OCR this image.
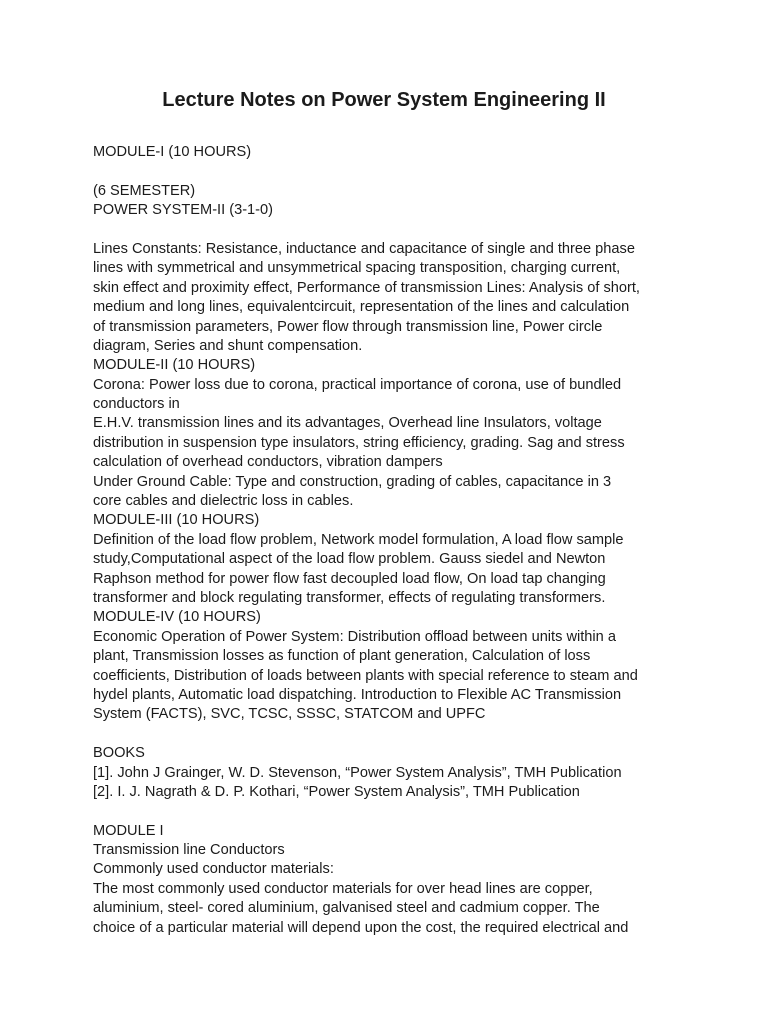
Lecture Notes on Power System Engineering II
MODULE-I (10 HOURS)
(6 SEMESTER)
POWER SYSTEM-II (3-1-0)
Lines Constants: Resistance, inductance and capacitance of single and three phase
lines with symmetrical and unsymmetrical spacing transposition, charging current,
skin effect and proximity effect, Performance of transmission Lines: Analysis of short,
medium and long lines, equivalentcircuit, representation of the lines and calculation
of transmission parameters, Power flow through transmission line, Power circle
diagram, Series and shunt compensation.
MODULE-II (10 HOURS)
Corona: Power loss due to corona, practical importance of corona, use of bundled
conductors in
E.H.V. transmission lines and its advantages, Overhead line Insulators, voltage
distribution in suspension type insulators, string efficiency, grading. Sag and stress
calculation of overhead conductors, vibration dampers
Under Ground Cable: Type and construction, grading of cables, capacitance in 3
core cables and dielectric loss in cables.
MODULE-III (10 HOURS)
Definition of the load flow problem, Network model formulation, A load flow sample
study,Computational aspect of the load flow problem. Gauss siedel and Newton
Raphson method for power flow fast decoupled load flow, On load tap changing
transformer and block regulating transformer, effects of regulating transformers.
MODULE-IV (10 HOURS)
Economic Operation of Power System: Distribution offload between units within a
plant, Transmission losses as function of plant generation, Calculation of loss
coefficients, Distribution of loads between plants with special reference to steam and
hydel plants, Automatic load dispatching. Introduction to Flexible AC Transmission
System (FACTS), SVC, TCSC, SSSC, STATCOM and UPFC
BOOKS
[1]. John J Grainger, W. D. Stevenson, “Power System Analysis”, TMH Publication
[2]. I. J. Nagrath & D. P. Kothari, “Power System Analysis”, TMH Publication
MODULE I
Transmission line Conductors
Commonly used conductor materials:
The most commonly used conductor materials for over head lines are copper,
aluminium, steel- cored aluminium, galvanised steel and cadmium copper. The
choice of a particular material will depend upon the cost, the required electrical and
